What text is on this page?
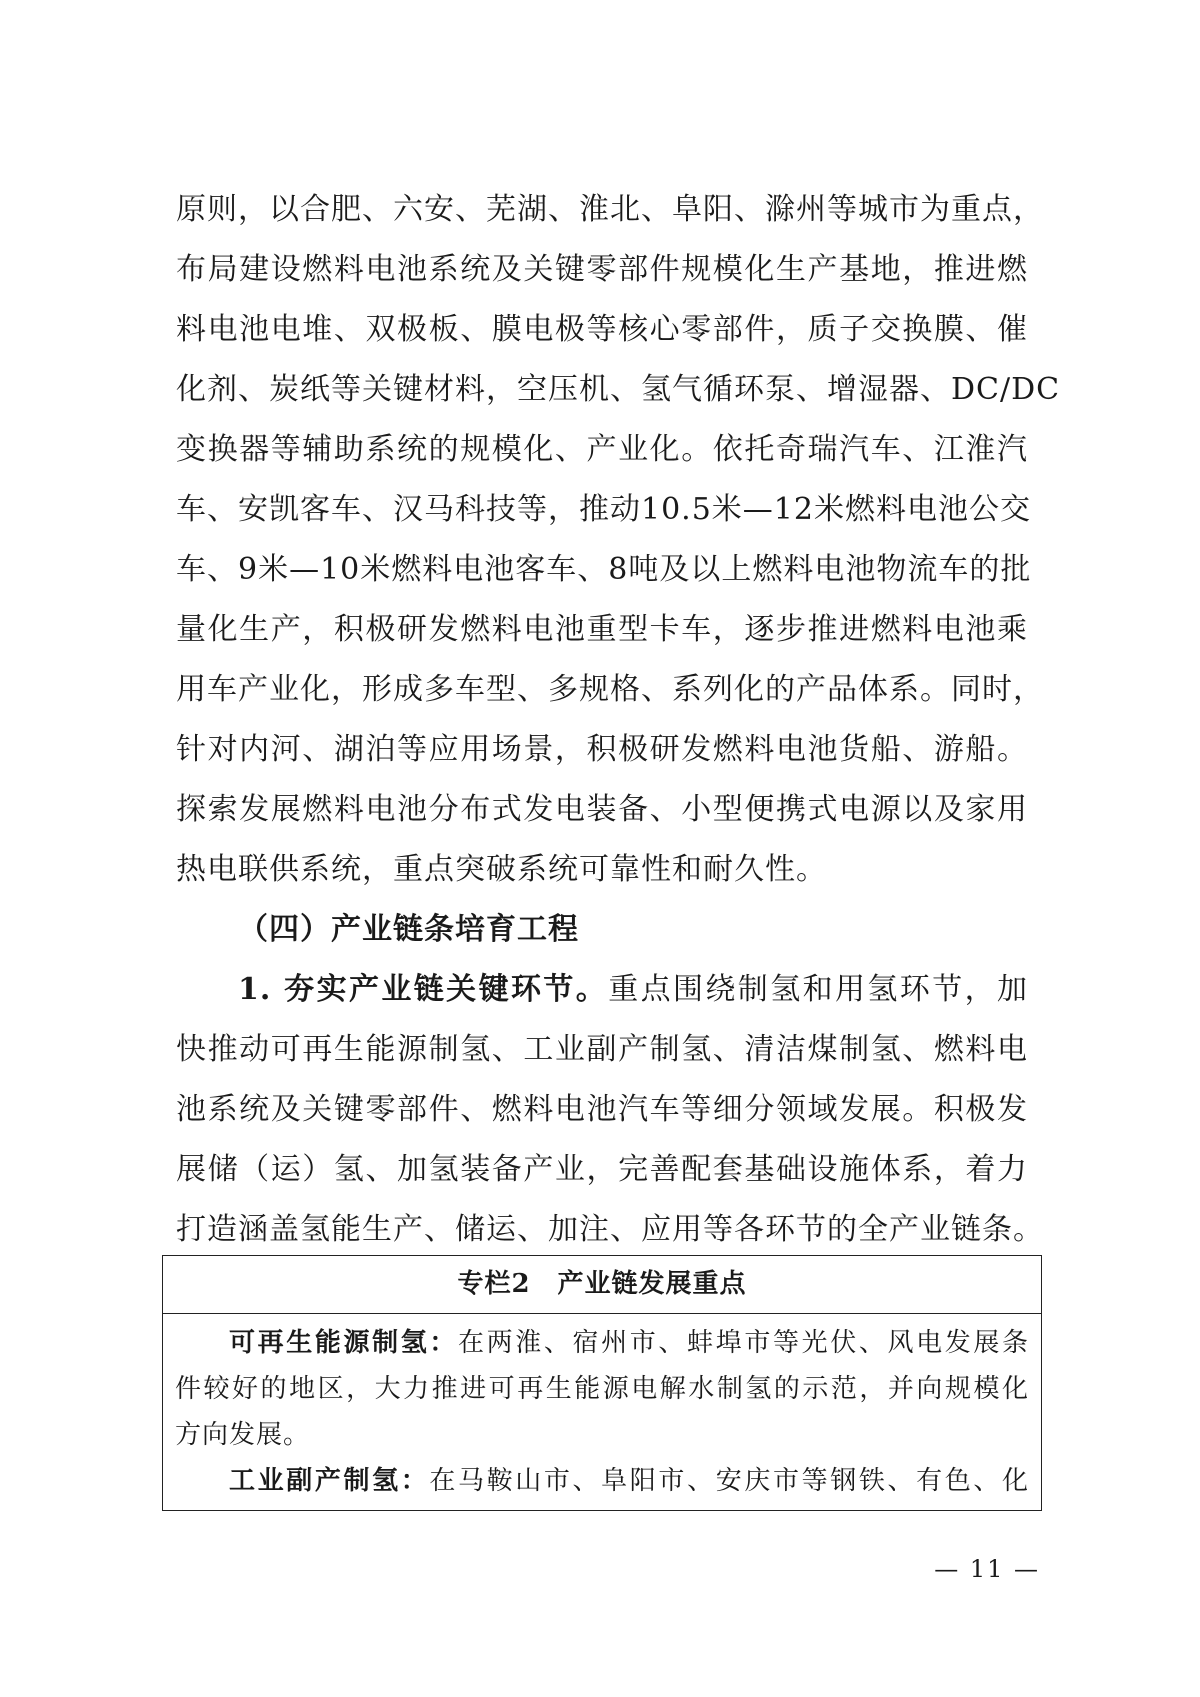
原则，以合肥、六安、芜湖、淮北、阜阳、滁州等城市为重点，
布局建设燃料电池系统及关键零部件规模化生产基地，推进燃
料电池电堆、双极板、膜电极等核心零部件，质子交换膜、催
化剂、炭纸等关键材料，空压机、氢气循环泵、增湿器、DC/DC
变换器等辅助系统的规模化、产业化。依托奇瑞汽车、江淮汽
车、安凯客车、汉马科技等，推动10.5米—12米燃料电池公交
车、9米—10米燃料电池客车、8吨及以上燃料电池物流车的批
量化生产，积极研发燃料电池重型卡车，逐步推进燃料电池乘
用车产业化，形成多车型、多规格、系列化的产品体系。同时，
针对内河、湖泊等应用场景，积极研发燃料电池货船、游船。
探索发展燃料电池分布式发电装备、小型便携式电源以及家用
热电联供系统，重点突破系统可靠性和耐久性。
（四）产业链条培育工程
1. 夯实产业链关键环节。重点围绕制氢和用氢环节，加
快推动可再生能源制氢、工业副产制氢、清洁煤制氢、燃料电
池系统及关键零部件、燃料电池汽车等细分领域发展。积极发
展储（运）氢、加氢装备产业，完善配套基础设施体系，着力
打造涵盖氢能生产、储运、加注、应用等各环节的全产业链条。
专栏2　产业链发展重点
可再生能源制氢：在两淮、宿州市、蚌埠市等光伏、风电发展条
件较好的地区，大力推进可再生能源电解水制氢的示范，并向规模化
方向发展。
工业副产制氢：在马鞍山市、阜阳市、安庆市等钢铁、有色、化
— 11 —
